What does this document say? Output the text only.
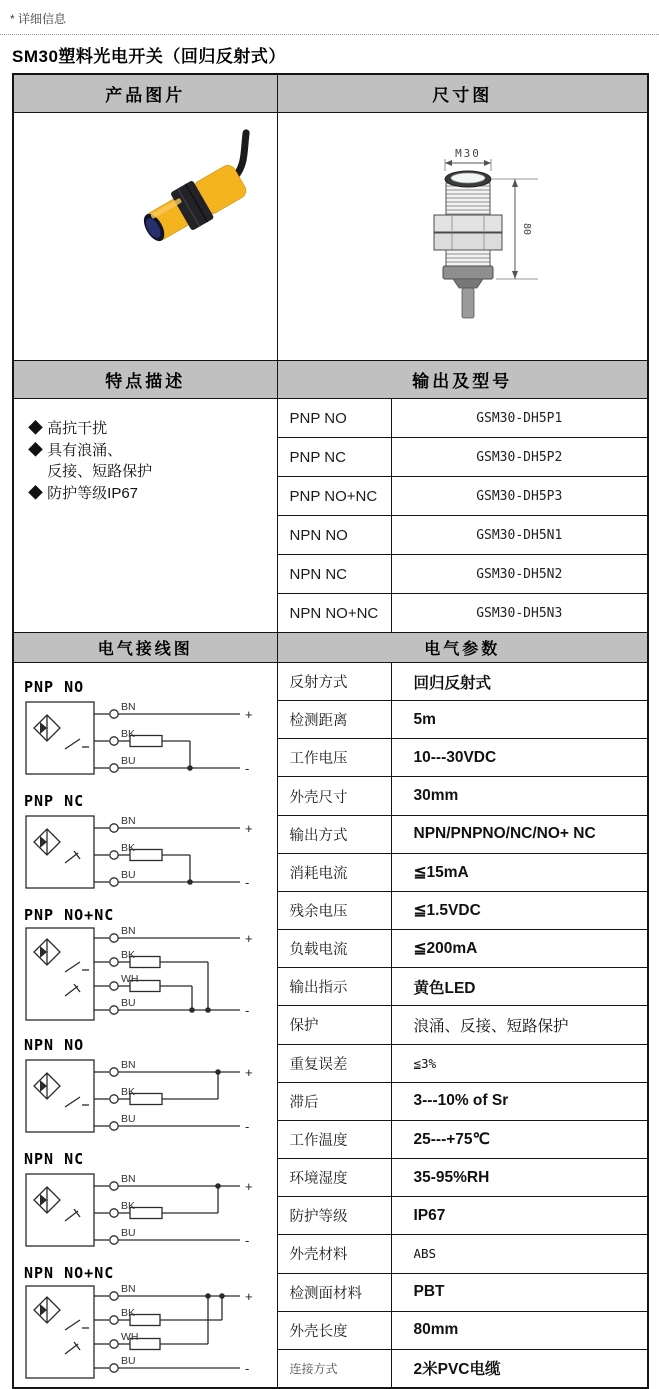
* 详细信息
SM30塑料光电开关（回归反射式）
产品图片	尺寸图	

M30
80	

特点描述	输出及型号	

◆ 高抗干扰
◆ 具有浪涌、
　 反接、短路保护
◆ 防护等级IP67	PNP NO	GSM30-DH5P1
	PNP NC	GSM30-DH5P2
	PNP NO+NC	GSM30-DH5P3
	NPN NO	GSM30-DH5N1
	NPN NC	GSM30-DH5N2
	NPN NO+NC	GSM30-DH5N3
电气接线图	电气参数	

PNP NO
BN	+
BK
BU	-
PNP NC
BN	+
BK
BU	-
PNP NO+NC
BN	+
BK
WH
BU	-
NPN NO
BN	+
BK
BU	-
NPN NC
BN	+
BK
BU	-
NPN NO+NC
BN	+
BK
WH
BU	-
	反射方式	回归反射式
	检测距离	5m
	工作电压	10---30VDC
	外壳尺寸	30mm
	输出方式	NPN/PNPNO/NC/NO+ NC
	消耗电流	≦15mA
	残余电压	≦1.5VDC
	负载电流	≦200mA
	输出指示	黄色LED
	保护	浪涌、反接、短路保护
	重复误差	≦3%
	滞后	3---10% of Sr
	工作温度	25---+75℃
	环境湿度	35-95%RH
	防护等级	IP67
	外壳材料	ABS
	检测面材料	PBT
	外壳长度	80mm
	连接方式	2米PVC电缆
